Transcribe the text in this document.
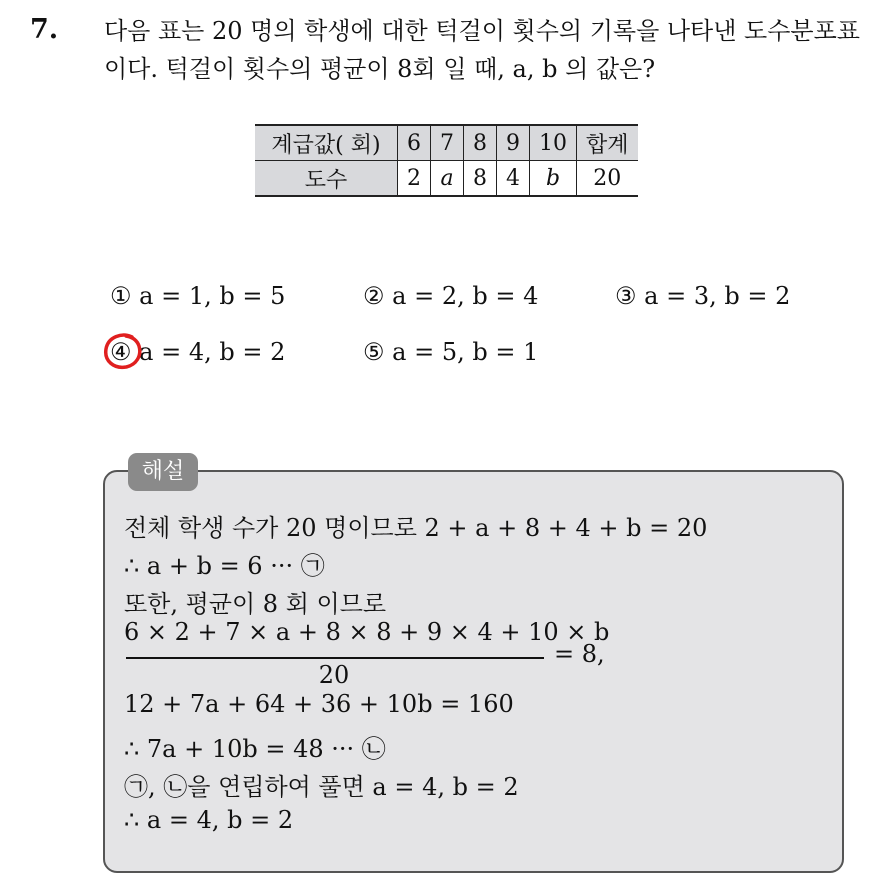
7. 다음 표는 20 명의 학생에 대한 턱걸이 횟수의 기록을 나타낸 도수분포표이다. 턱걸이 횟수의 평균이 8회 일 때, a, b 의 값은?
계급값( 회)	6	7	8	9	10	합계
도수	2	a	8	4	b	20
① a = 1, b = 5	② a = 2, b = 4	③ a = 3, b = 2
④ a = 4, b = 2	⑤ a = 5, b = 1
해설
전체 학생 수가 20 명이므로 2 + a + 8 + 4 + b = 20
∴ a + b = 6 ··· ㉠
또한, 평균이 8 회 이므로
6 × 2 + 7 × a + 8 × 8 + 9 × 4 + 10 × b
20
= 8,
12 + 7a + 64 + 36 + 10b = 160
∴ 7a + 10b = 48 ··· ㉡
㉠, ㉡을 연립하여 풀면 a = 4, b = 2
∴ a = 4, b = 2
